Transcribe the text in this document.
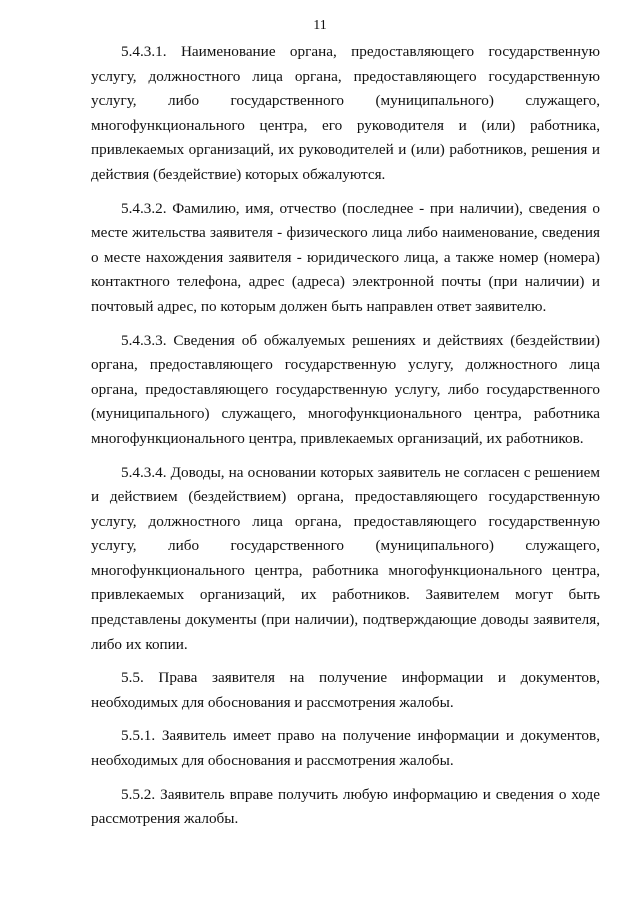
11

5.4.3.1. Наименование органа, предоставляющего государственную услугу, должностного лица органа, предоставляющего государственную услугу, либо государственного (муниципального) служащего, многофункционального центра, его руководителя и (или) работника, привлекаемых организаций, их руководителей и (или) работников, решения и действия (бездействие) которых обжалуются.

5.4.3.2. Фамилию, имя, отчество (последнее - при наличии), сведения о месте жительства заявителя - физического лица либо наименование, сведения о месте нахождения заявителя - юридического лица, а также номер (номера) контактного телефона, адрес (адреса) электронной почты (при наличии) и почтовый адрес, по которым должен быть направлен ответ заявителю.

5.4.3.3. Сведения об обжалуемых решениях и действиях (бездействии) органа, предоставляющего государственную услугу, должностного лица органа, предоставляющего государственную услугу, либо государственного (муниципального) служащего, многофункционального центра, работника многофункционального центра, привлекаемых организаций, их работников.

5.4.3.4. Доводы, на основании которых заявитель не согласен с решением и действием (бездействием) органа, предоставляющего государственную услугу, должностного лица органа, предоставляющего государственную услугу, либо государственного (муниципального) служащего, многофункционального центра, работника многофункционального центра, привлекаемых организаций, их работников. Заявителем могут быть представлены документы (при наличии), подтверждающие доводы заявителя, либо их копии.

5.5. Права заявителя на получение информации и документов, необходимых для обоснования и рассмотрения жалобы.

5.5.1. Заявитель имеет право на получение информации и документов, необходимых для обоснования и рассмотрения жалобы.

5.5.2. Заявитель вправе получить любую информацию и сведения о ходе рассмотрения жалобы.
